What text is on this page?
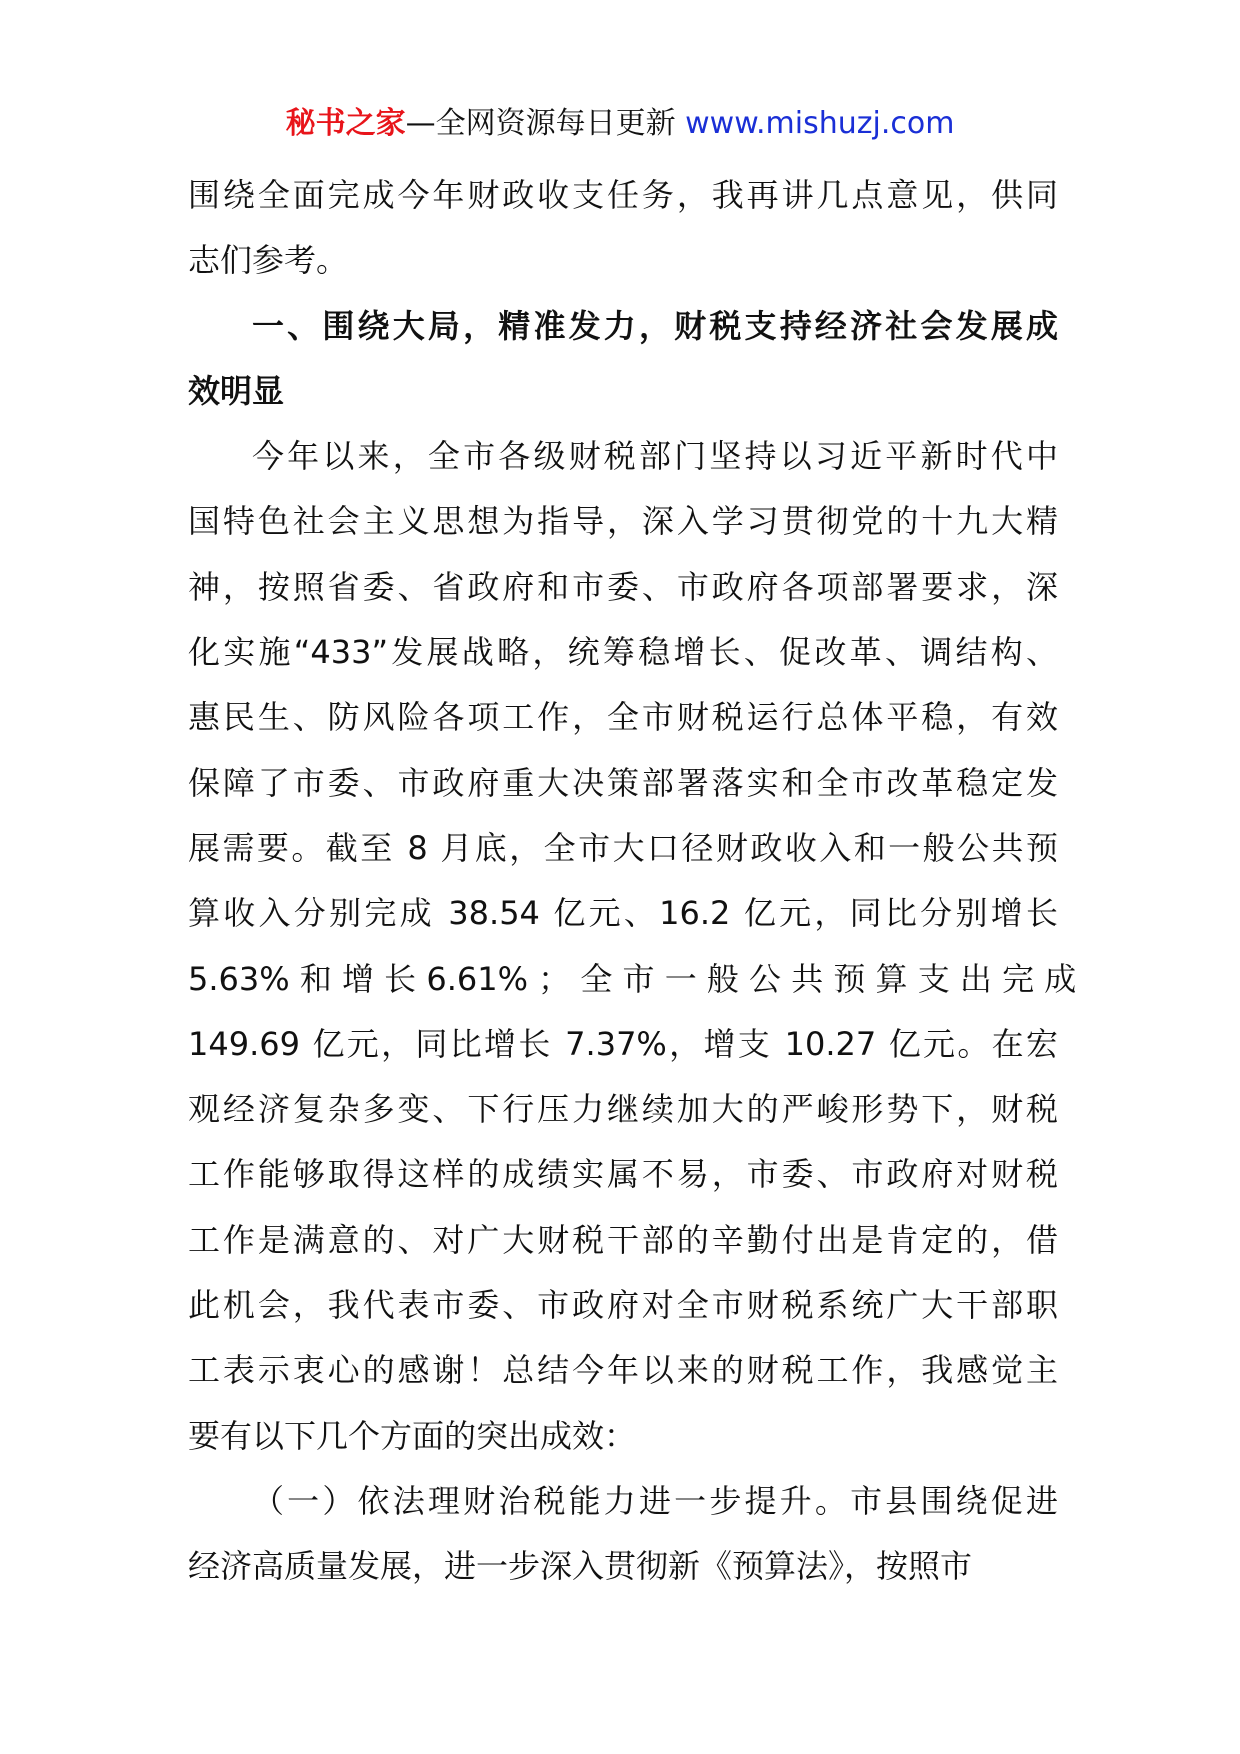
秘书之家—全网资源每日更新 www.mishuzj.com

围绕全面完成今年财政收支任务，我再讲几点意见，供同
志们参考。

一、围绕大局，精准发力，财税支持经济社会发展成
效明显

今年以来，全市各级财税部门坚持以习近平新时代中
国特色社会主义思想为指导，深入学习贯彻党的十九大精
神，按照省委、省政府和市委、市政府各项部署要求，深
化实施“433”发展战略，统筹稳增长、促改革、调结构、
惠民生、防风险各项工作，全市财税运行总体平稳，有效
保障了市委、市政府重大决策部署落实和全市改革稳定发
展需要。截至 8 月底，全市大口径财政收入和一般公共预
算收入分别完成 38.54 亿元、16.2 亿元，同比分别增长
5.63% 和 增 长 6.61% ； 全 市 一 般 公 共 预 算 支 出 完 成
149.69 亿元，同比增长 7.37%，增支 10.27 亿元。在宏
观经济复杂多变、下行压力继续加大的严峻形势下，财税
工作能够取得这样的成绩实属不易，市委、市政府对财税
工作是满意的、对广大财税干部的辛勤付出是肯定的，借
此机会，我代表市委、市政府对全市财税系统广大干部职
工表示衷心的感谢！总结今年以来的财税工作，我感觉主
要有以下几个方面的突出成效：

（一）依法理财治税能力进一步提升。市县围绕促进
经济高质量发展，进一步深入贯彻新《预算法》，按照市
